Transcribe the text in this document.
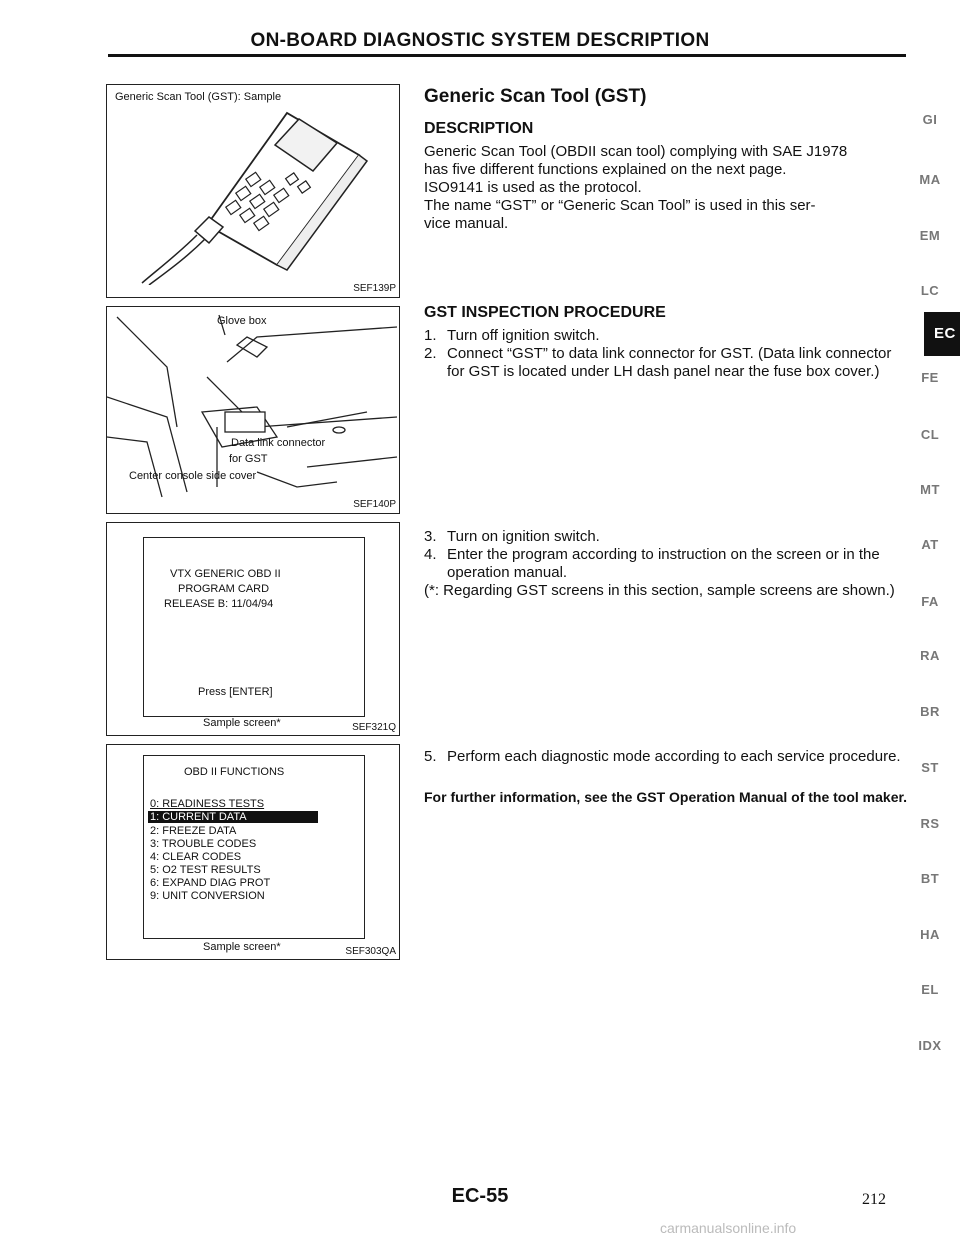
ON-BOARD DIAGNOSTIC SYSTEM DESCRIPTION
Generic Scan Tool (GST): Sample
SEF139P
Glove box
Data link connector
for GST
Center console side cover
SEF140P
VTX GENERIC OBD II
PROGRAM CARD
RELEASE B: 11/04/94
Press [ENTER]
Sample screen*	SEF321Q
OBD II FUNCTIONS
0: READINESS TESTS
1: CURRENT DATA
2: FREEZE DATA
3: TROUBLE CODES
4: CLEAR CODES
5: O2 TEST RESULTS
6: EXPAND DIAG PROT
9: UNIT CONVERSION
Sample screen*	SEF303QA
Generic Scan Tool (GST)
DESCRIPTION
Generic Scan Tool (OBDII scan tool) complying with SAE J1978
has five different functions explained on the next page.
ISO9141 is used as the protocol.
The name “GST” or “Generic Scan Tool” is used in this ser-
vice manual.
GST INSPECTION PROCEDURE
1. Turn off ignition switch.
2. Connect “GST” to data link connector for GST. (Data link connector for GST is located under LH dash panel near the fuse box cover.)
3. Turn on ignition switch.
4. Enter the program according to instruction on the screen or in the operation manual.
(*: Regarding GST screens in this section, sample screens are shown.)
5. Perform each diagnostic mode according to each service procedure.
For further information, see the GST Operation Manual of the tool maker.
GI
MA
EM
LC
EC
FE
CL
MT
AT
FA
RA
BR
ST
RS
BT
HA
EL
IDX
EC-55	212
carmanualsonline.info
